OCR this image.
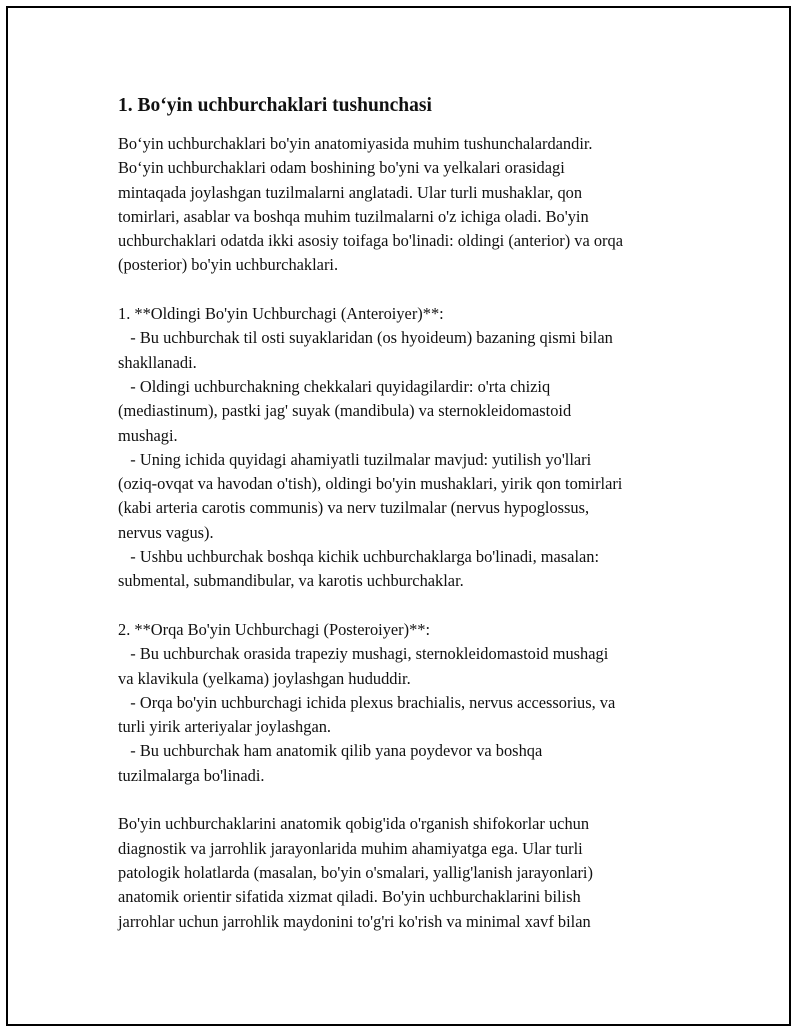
1. Bo‘yin uchburchaklari tushunchasi

Bo‘yin uchburchaklari bo'yin anatomiyasida muhim tushunchalardandir.
Bo‘yin uchburchaklari odam boshining bo'yni va yelkalari orasidagi
mintaqada joylashgan tuzilmalarni anglatadi. Ular turli mushaklar, qon
tomirlari, asablar va boshqa muhim tuzilmalarni o'z ichiga oladi. Bo'yin
uchburchaklari odatda ikki asosiy toifaga bo'linadi: oldingi (anterior) va orqa
(posterior) bo'yin uchburchaklari.

1. **Oldingi Bo'yin Uchburchagi (Anteroiyer)**:
- Bu uchburchak til osti suyaklaridan (os hyoideum) bazaning qismi bilan
shakllanadi.
- Oldingi uchburchakning chekkalari quyidagilardir: o'rta chiziq
(mediastinum), pastki jag' suyak (mandibula) va sternokleidomastoid
mushagi.
- Uning ichida quyidagi ahamiyatli tuzilmalar mavjud: yutilish yo'llari
(oziq-ovqat va havodan o'tish), oldingi bo'yin mushaklari, yirik qon tomirlari
(kabi arteria carotis communis) va nerv tuzilmalar (nervus hypoglossus,
nervus vagus).
- Ushbu uchburchak boshqa kichik uchburchaklarga bo'linadi, masalan:
submental, submandibular, va karotis uchburchaklar.

2. **Orqa Bo'yin Uchburchagi (Posteroiyer)**:
- Bu uchburchak orasida trapeziy mushagi, sternokleidomastoid mushagi
va klavikula (yelkama) joylashgan hududdir.
- Orqa bo'yin uchburchagi ichida plexus brachialis, nervus accessorius, va
turli yirik arteriyalar joylashgan.
- Bu uchburchak ham anatomik qilib yana poydevor va boshqa
tuzilmalarga bo'linadi.

Bo'yin uchburchaklarini anatomik qobig'ida o'rganish shifokorlar uchun
diagnostik va jarrohlik jarayonlarida muhim ahamiyatga ega. Ular turli
patologik holatlarda (masalan, bo'yin o'smalari, yallig'lanish jarayonlari)
anatomik orientir sifatida xizmat qiladi. Bo'yin uchburchaklarini bilish
jarrohlar uchun jarrohlik maydonini to'g'ri ko'rish va minimal xavf bilan
